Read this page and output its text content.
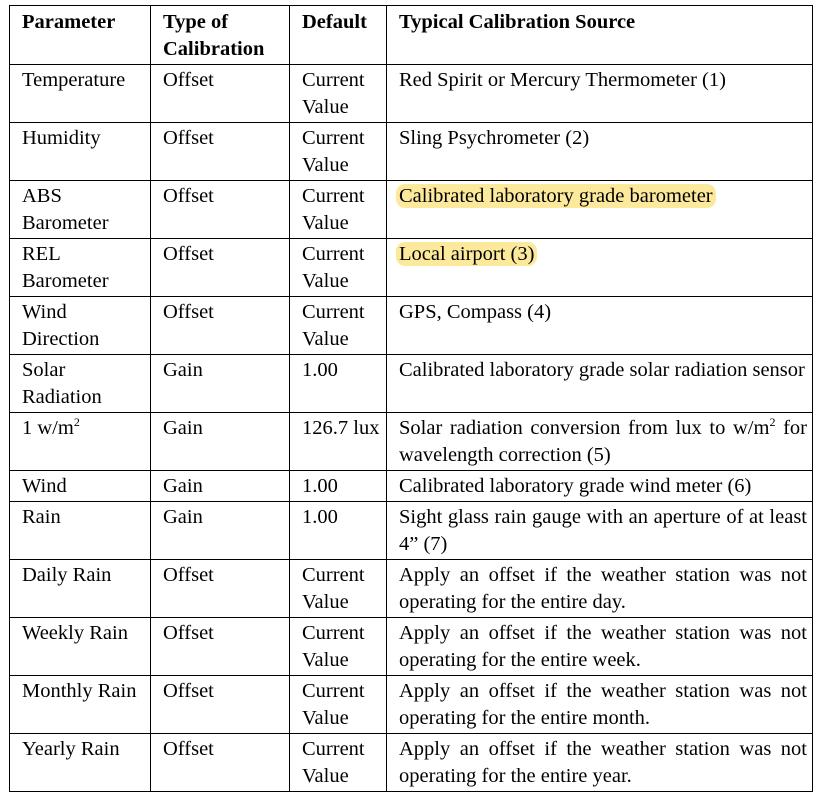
Parameter	Type of Calibration	Default	Typical Calibration Source
Temperature	Offset	Current Value	Red Spirit or Mercury Thermometer (1)
Humidity	Offset	Current Value	Sling Psychrometer (2)
ABS Barometer	Offset	Current Value	Calibrated laboratory grade barometer
REL Barometer	Offset	Current Value	Local airport (3)
Wind Direction	Offset	Current Value	GPS, Compass (4)
Solar Radiation	Gain	1.00	Calibrated laboratory grade solar radiation sensor
1 $w/m^2$	Gain	126.7 lux	Solar radiation conversion from lux to $w/m^2$ for wavelength correction (5)
Wind	Gain	1.00	Calibrated laboratory grade wind meter (6)
Rain	Gain	1.00	Sight glass rain gauge with an aperture of at least 4” (7)
Daily Rain	Offset	Current Value	Apply an offset if the weather station was not operating for the entire day.
Weekly Rain	Offset	Current Value	Apply an offset if the weather station was not operating for the entire week.
Monthly Rain	Offset	Current Value	Apply an offset if the weather station was not operating for the entire month.
Yearly Rain	Offset	Current Value	Apply an offset if the weather station was not operating for the entire year.
